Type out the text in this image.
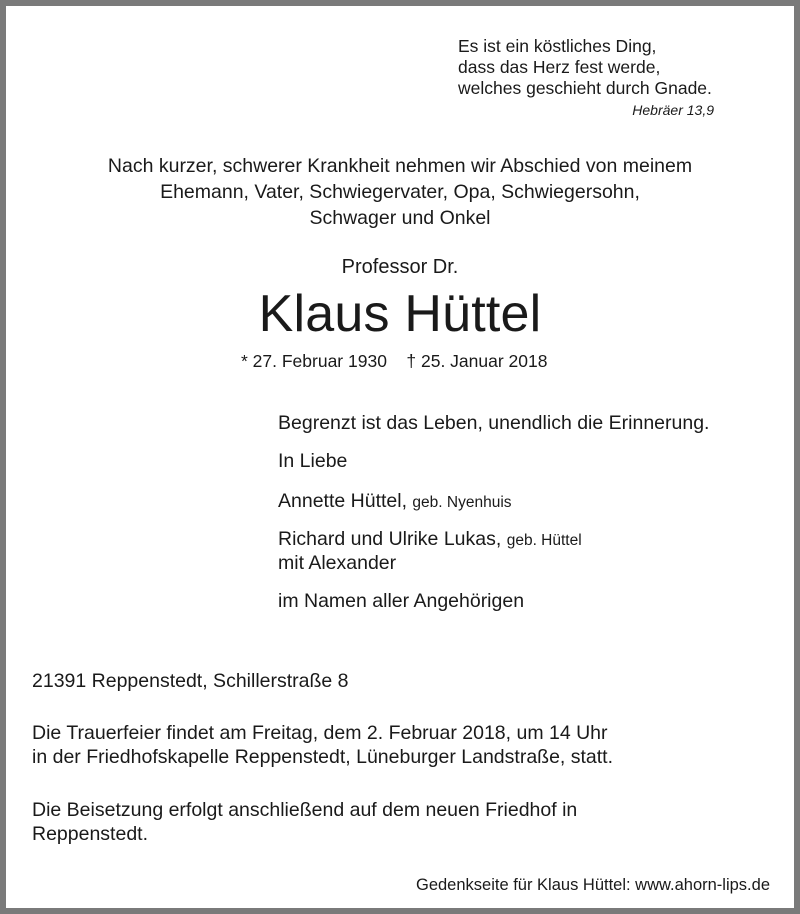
Es ist ein köstliches Ding,
dass das Herz fest werde,
welches geschieht durch Gnade.
Hebräer 13,9
Nach kurzer, schwerer Krankheit nehmen wir Abschied von meinem
Ehemann, Vater, Schwiegervater, Opa, Schwiegersohn,
Schwager und Onkel
Professor Dr.
Klaus Hüttel
* 27. Februar 1930 † 25. Januar 2018
Begrenzt ist das Leben, unendlich die Erinnerung.
In Liebe
Annette Hüttel, geb. Nyenhuis
Richard und Ulrike Lukas, geb. Hüttel
mit Alexander
im Namen aller Angehörigen
21391 Reppenstedt, Schillerstraße 8
Die Trauerfeier findet am Freitag, dem 2. Februar 2018, um 14 Uhr
in der Friedhofskapelle Reppenstedt, Lüneburger Landstraße, statt.
Die Beisetzung erfolgt anschließend auf dem neuen Friedhof in
Reppenstedt.
Gedenkseite für Klaus Hüttel: www.ahorn-lips.de
